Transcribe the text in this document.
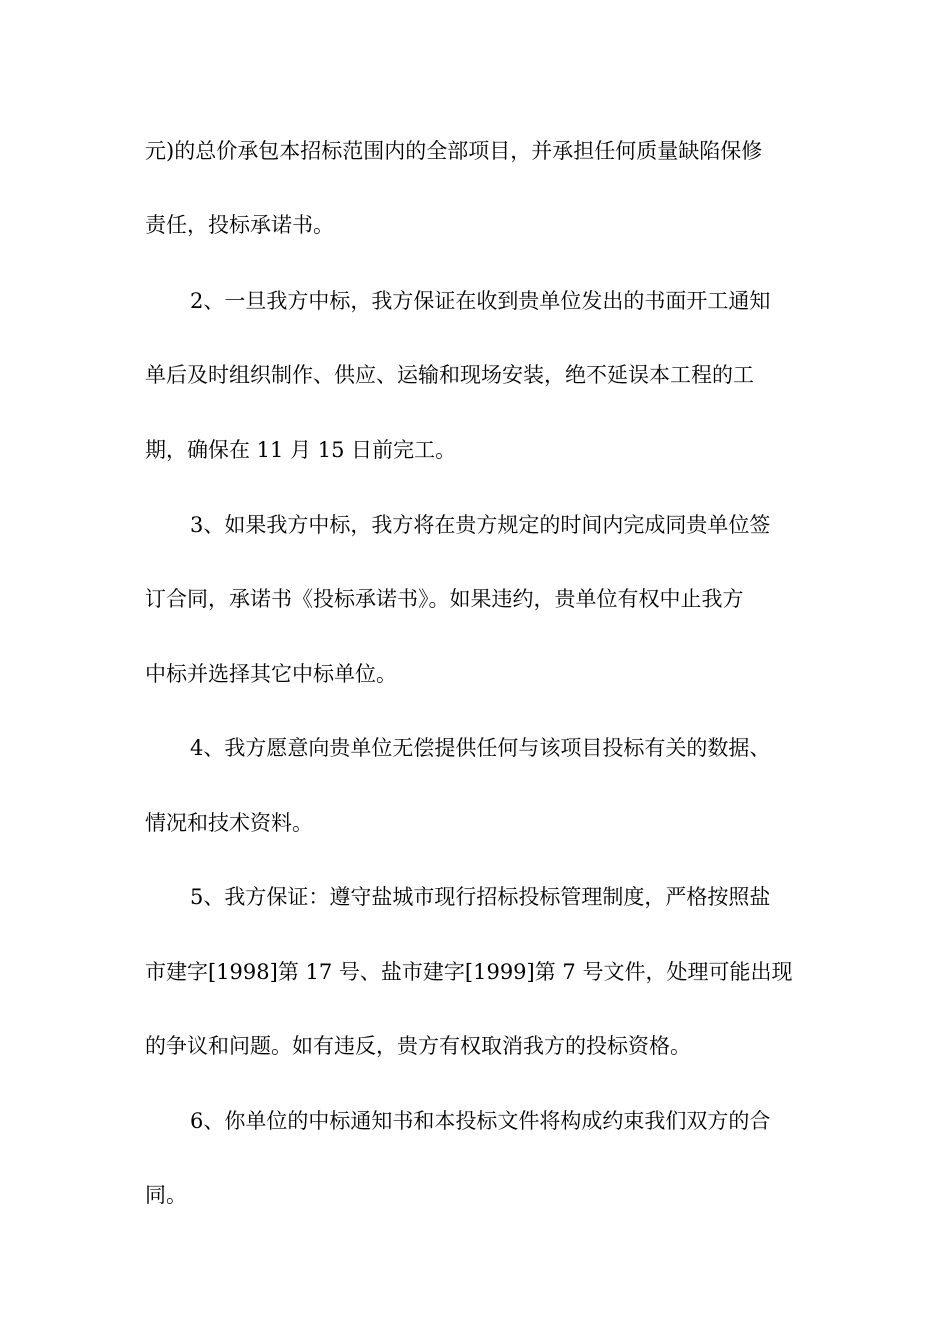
元)的总价承包本招标范围内的全部项目，并承担任何质量缺陷保修
责任，投标承诺书。
2、一旦我方中标，我方保证在收到贵单位发出的书面开工通知
单后及时组织制作、供应、运输和现场安装，绝不延误本工程的工
期，确保在 11 月 15 日前完工。
3、如果我方中标，我方将在贵方规定的时间内完成同贵单位签
订合同，承诺书《投标承诺书》。如果违约，贵单位有权中止我方
中标并选择其它中标单位。
4、我方愿意向贵单位无偿提供任何与该项目投标有关的数据、
情况和技术资料。
5、我方保证：遵守盐城市现行招标投标管理制度，严格按照盐
市建字[1998]第 17 号、盐市建字[1999]第 7 号文件，处理可能出现
的争议和问题。如有违反，贵方有权取消我方的投标资格。
6、你单位的中标通知书和本投标文件将构成约束我们双方的合
同。
